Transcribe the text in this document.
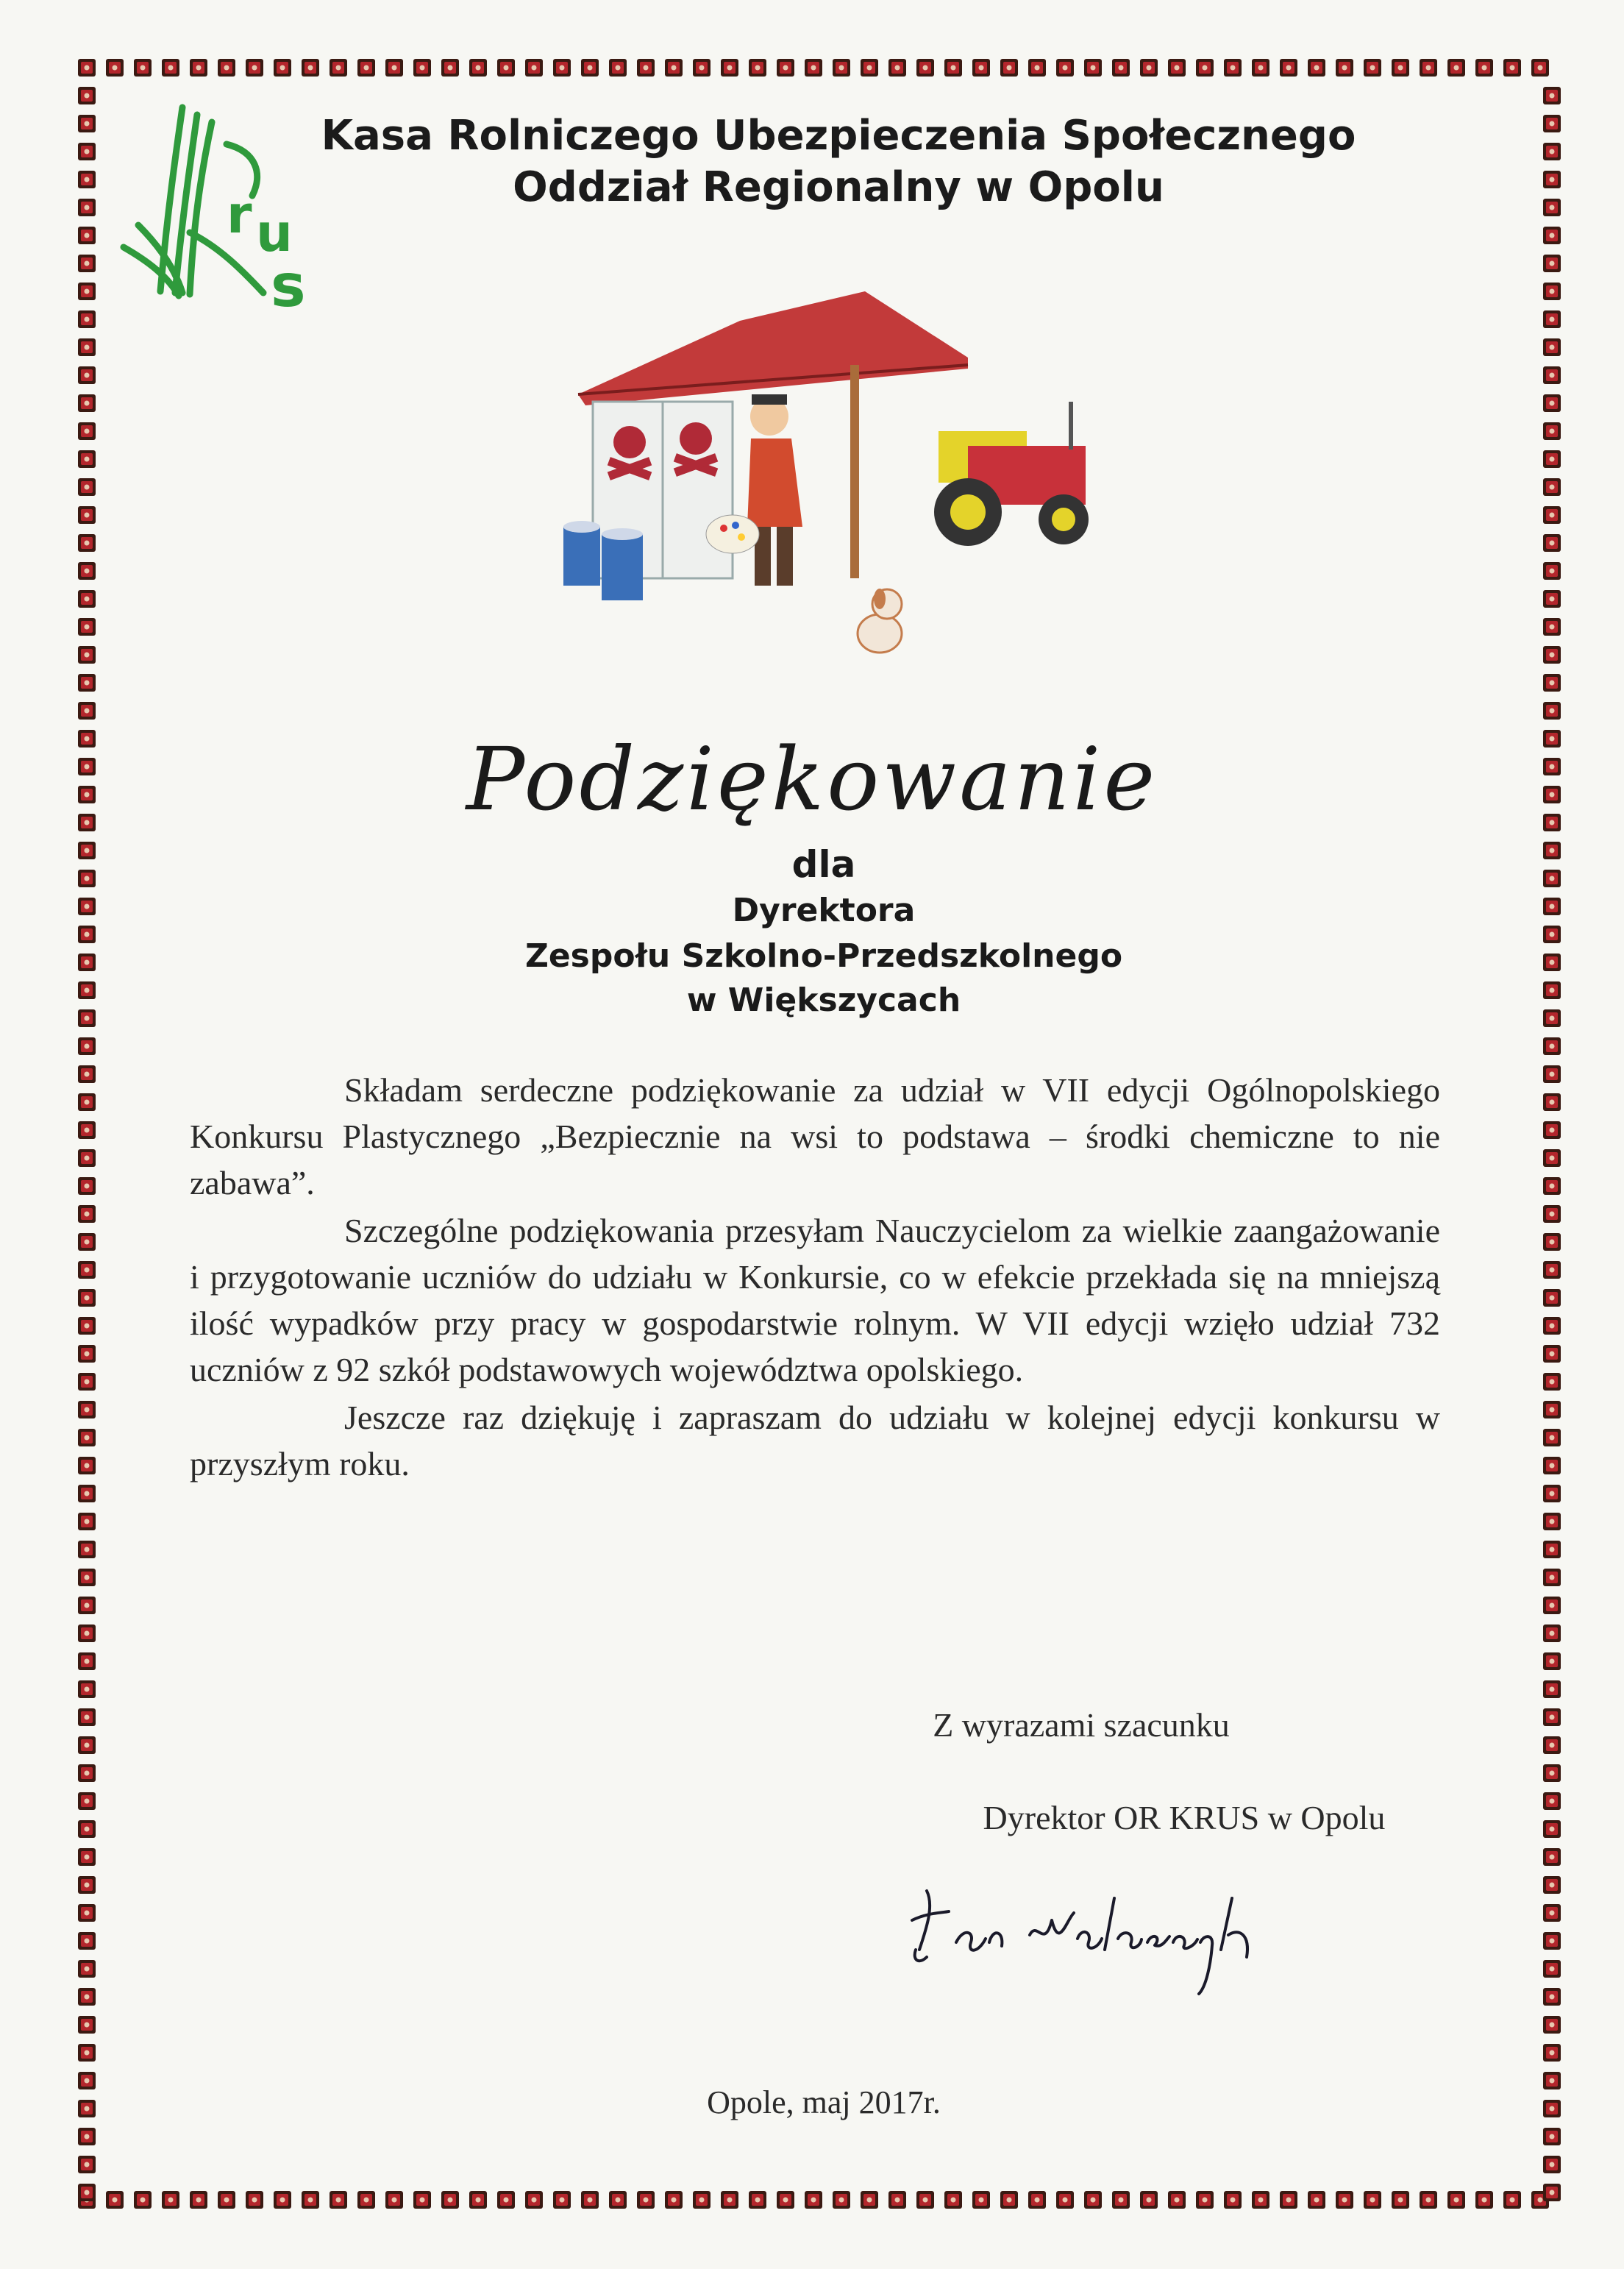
r u
s
Kasa Rolniczego Ubezpieczenia Społecznego
Oddział Regionalny w Opolu
Podziękowanie
dla
Dyrektora
Zespołu Szkolno-Przedszkolnego
w Większycach

Składam serdeczne podziękowanie za udział w VII edycji Ogólnopolskiego Konkursu Plastycznego „Bezpiecznie na wsi to podstawa – środki chemiczne to nie zabawa”.

Szczególne podziękowania przesyłam Nauczycielom za wielkie zaangażowanie i przygotowanie uczniów do udziału w Konkursie, co w efekcie przekłada się na mniejszą ilość wypadków przy pracy w gospodarstwie rolnym. W VII edycji wzięło udział 732 uczniów z 92 szkół podstawowych województwa opolskiego.

Jeszcze raz dziękuję i zapraszam do udziału w kolejnej edycji konkursu w przyszłym roku.

Z wyrazami szacunku
Dyrektor OR KRUS w Opolu
Opole, maj 2017r.
